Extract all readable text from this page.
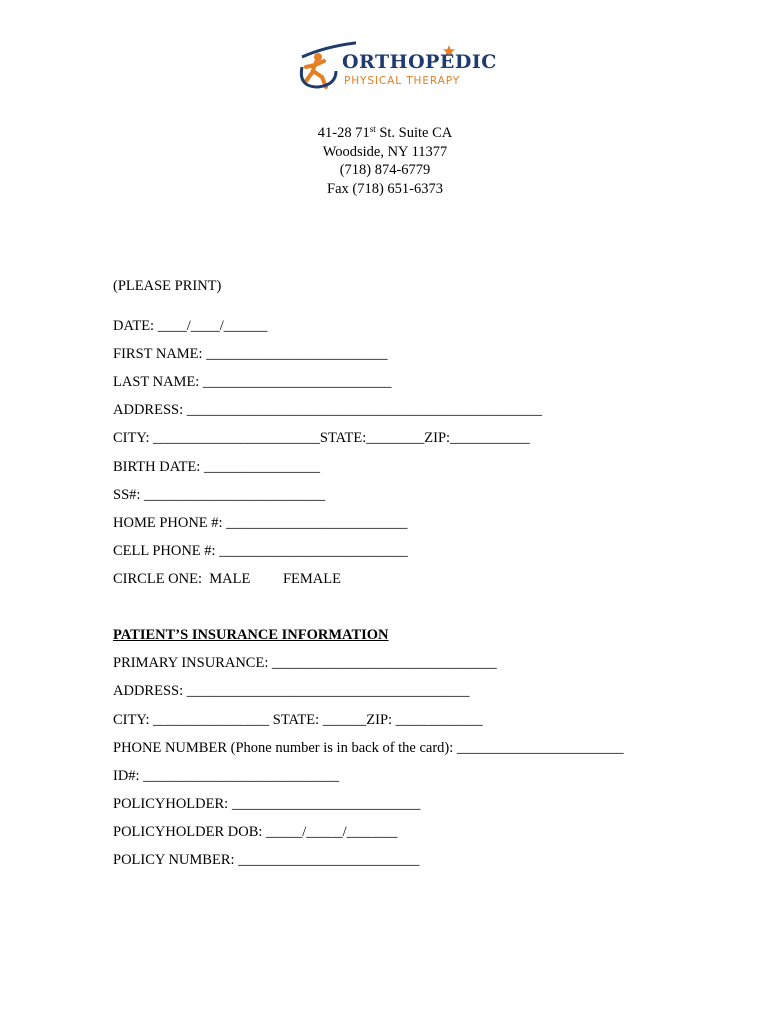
ORTHOPEDIC
PHYSICAL THERAPY
41-28 71st St. Suite CA
Woodside, NY 11377
(718) 874-6779
Fax (718) 651-6373
(PLEASE PRINT)
DATE: ____/____/______
FIRST NAME: _________________________
LAST NAME: __________________________
ADDRESS: _________________________________________________
CITY: _______________________STATE:________ZIP:___________
BIRTH DATE: ________________
SS#: _________________________
HOME PHONE #: _________________________
CELL PHONE #: __________________________
CIRCLE ONE:  MALE         FEMALE
PATIENT’S INSURANCE INFORMATION
PRIMARY INSURANCE: _______________________________
ADDRESS: _______________________________________
CITY: ________________ STATE: ______ZIP: ____________
PHONE NUMBER (Phone number is in back of the card): _______________________
ID#: ___________________________
POLICYHOLDER: __________________________
POLICYHOLDER DOB: _____/_____/_______
POLICY NUMBER: _________________________
